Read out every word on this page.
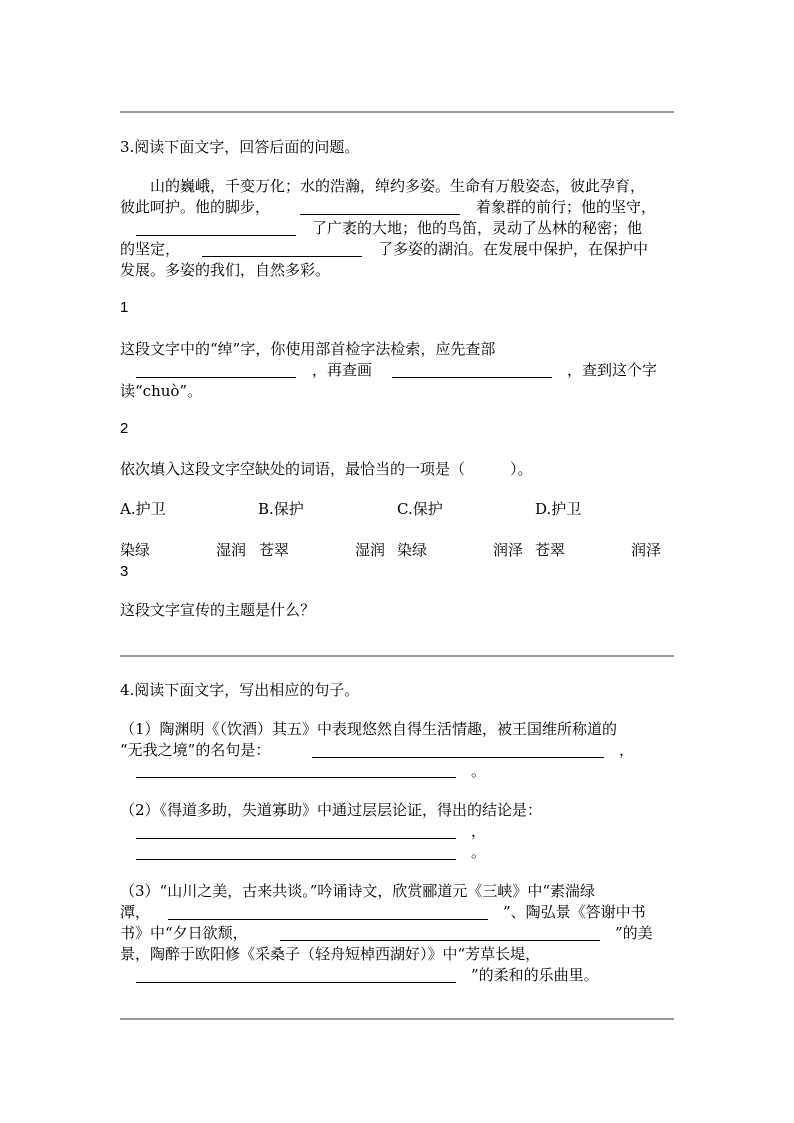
3.阅读下面文字，回答后面的问题。
山的巍峨，千变万化；水的浩瀚，绰约多姿。生命有万般姿态，彼此孕育，
彼此呵护。他的脚步，	着象群的前行；他的坚守，
了广袤的大地；他的鸟笛，灵动了丛林的秘密；他
的坚定，	了多姿的湖泊。在发展中保护，在保护中
发展。多姿的我们，自然多彩。
1
这段文字中的“绰”字，你使用部首检字法检索，应先查部
，再查画	，查到这个字
读“chuò”。
2
依次填入这段文字空缺处的词语，最恰当的一项是（　　　）。
A.护卫	B.保护	C.保护	D.护卫
染绿	湿润 苍翠	湿润 染绿	润泽 苍翠	润泽
3
这段文字宣传的主题是什么？
4.阅读下面文字，写出相应的句子。
（1）陶渊明《（饮酒）其五》中表现悠然自得生活情趣，被王国维所称道的
“无我之境”的名句是：	，
。
（2）《得道多助，失道寡助》中通过层层论证，得出的结论是：
，
。
（3）“山川之美，古来共谈。”吟诵诗文，欣赏郦道元《三峡》中“素湍绿
潭，	”、陶弘景《答谢中书
书》中“夕日欲颓，	”的美
景，陶醉于欧阳修《采桑子（轻舟短棹西湖好）》中“芳草长堤，
”的柔和的乐曲里。
